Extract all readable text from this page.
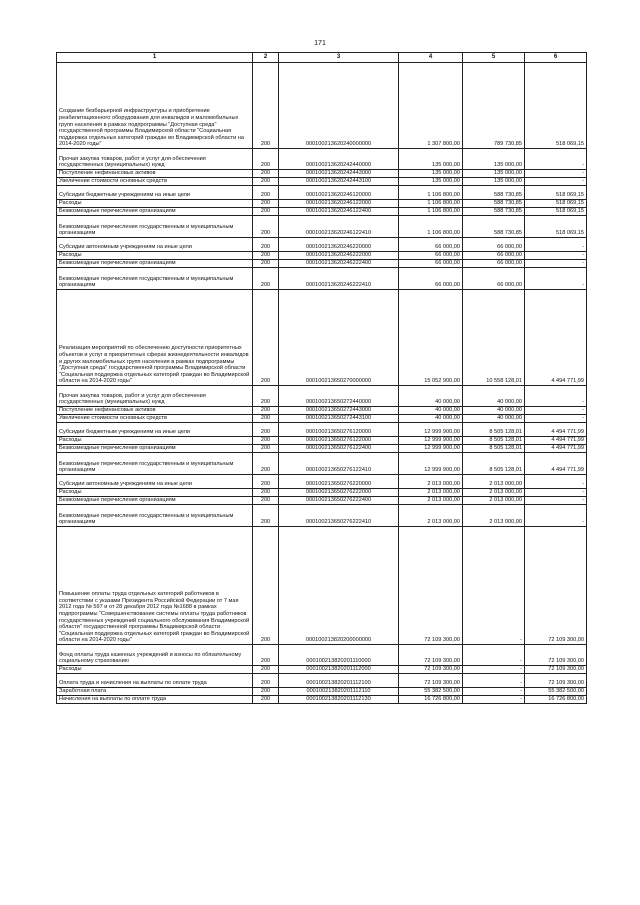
171
1	2	3	4	5	6
Создание безбарьерной инфраструктуры и приобретение реабилитационного оборудования для инвалидов и маломобильных групп населения в рамках подпрограммы "Доступная среда" государственной программы Владимирской области "Социальная поддержка отдельных категорий граждан во Владимирской области на 2014-2020 годы"	200	000100213620240000000	1 307 800,00	789 730,85	518 069,15
Прочая закупка товаров, работ и услуг для обеспечения государственных (муниципальных) нужд	200	000100213620242440000	135 000,00	135 000,00	-
Поступление нефинансовых активов	200	000100213620242443000	135 000,00	135 000,00	-
Увеличение стоимости основных средств	200	000100213620242443100	135 000,00	135 000,00	-
Субсидии бюджетным учреждениям на иные цели	200	000100213620246120000	1 106 800,00	588 730,85	518 069,15
Расходы	200	000100213620246122000	1 106 800,00	588 730,85	518 069,15
Безвозмездные перечисления организациям	200	000100213620246122400	1 106 800,00	588 730,85	518 069,15
Безвозмездные перечисления государственным и муниципальным организациям	200	000100213620246122410	1 106 800,00	588 730,85	518 069,15
Субсидии автономным учреждениям на иные цели	200	000100213620246220000	66 000,00	66 000,00	-
Расходы	200	000100213620246222000	66 000,00	66 000,00	-
Безвозмездные перечисления организациям	200	000100213620246222400	66 000,00	66 000,00	-
Безвозмездные перечисления государственным и муниципальным организациям	200	000100213620246222410	66 000,00	66 000,00	-
Реализация мероприятий по обеспечению доступности приоритетных объектов и услуг в приоритетных сферах жизнедеятельности инвалидов и других маломобильных групп населения в рамках подпрограммы "Доступная среда" государственной программы Владимирской области "Социальная поддержка отдельных категорий граждан во Владимирской области на 2014-2020 годы"	200	000100213650270000000	15 052 900,00	10 558 128,01	4 494 771,99
Прочая закупка товаров, работ и услуг для обеспечения государственных (муниципальных) нужд	200	000100213650272440000	40 000,00	40 000,00	-
Поступление нефинансовых активов	200	000100213650272443000	40 000,00	40 000,00	-
Увеличение стоимости основных средств	200	000100213650272443100	40 000,00	40 000,00	-
Субсидии бюджетным учреждениям на иные цели	200	000100213650276120000	12 999 900,00	8 505 128,01	4 494 771,99
Расходы	200	000100213650276122000	12 999 900,00	8 505 128,01	4 494 771,99
Безвозмездные перечисления организациям	200	000100213650276122400	12 999 900,00	8 505 128,01	4 494 771,99
Безвозмездные перечисления государственным и муниципальным организациям	200	000100213650276122410	12 999 900,00	8 505 128,01	4 494 771,99
Субсидии автономным учреждениям на иные цели	200	000100213650276220000	2 013 000,00	2 013 000,00	-
Расходы	200	000100213650276222000	2 013 000,00	2 013 000,00	-
Безвозмездные перечисления организациям	200	000100213650276222400	2 013 000,00	2 013 000,00	-
Безвозмездные перечисления государственным и муниципальным организациям	200	000100213650276222410	2 013 000,00	2 013 000,00	-
Повышение оплаты труда отдельных категорий работников в соответствии с указами Президента Российской Федерации от 7 мая 2012 года № 597 и от 28 декабря 2012 года №1688 в рамках подпрограммы "Совершенствование системы оплаты труда работников государственных учреждений социального обслуживания Владимирской области" государственной программы Владимирской области "Социальная поддержка отдельных категорий граждан во Владимирской области на 2014-2020 годы"	200	000100213820200000000	72 109 300,00	-	72 109 300,00
Фонд оплаты труда казенных учреждений и взносы по обязательному социальному страхованию	200	000100213820201110000	72 109 300,00	-	72 109 300,00
Расходы	200	000100213820201112000	72 109 300,00	-	72 109 300,00
Оплата труда и начисления на выплаты по оплате труда	200	000100213820201112100	72 109 300,00	-	72 109 300,00
Заработная плата	200	000100213820201112110	55 382 500,00	-	55 382 500,00
Начисления на выплаты по оплате труда	200	000100213820201112130	16 726 800,00	-	16 726 800,00
